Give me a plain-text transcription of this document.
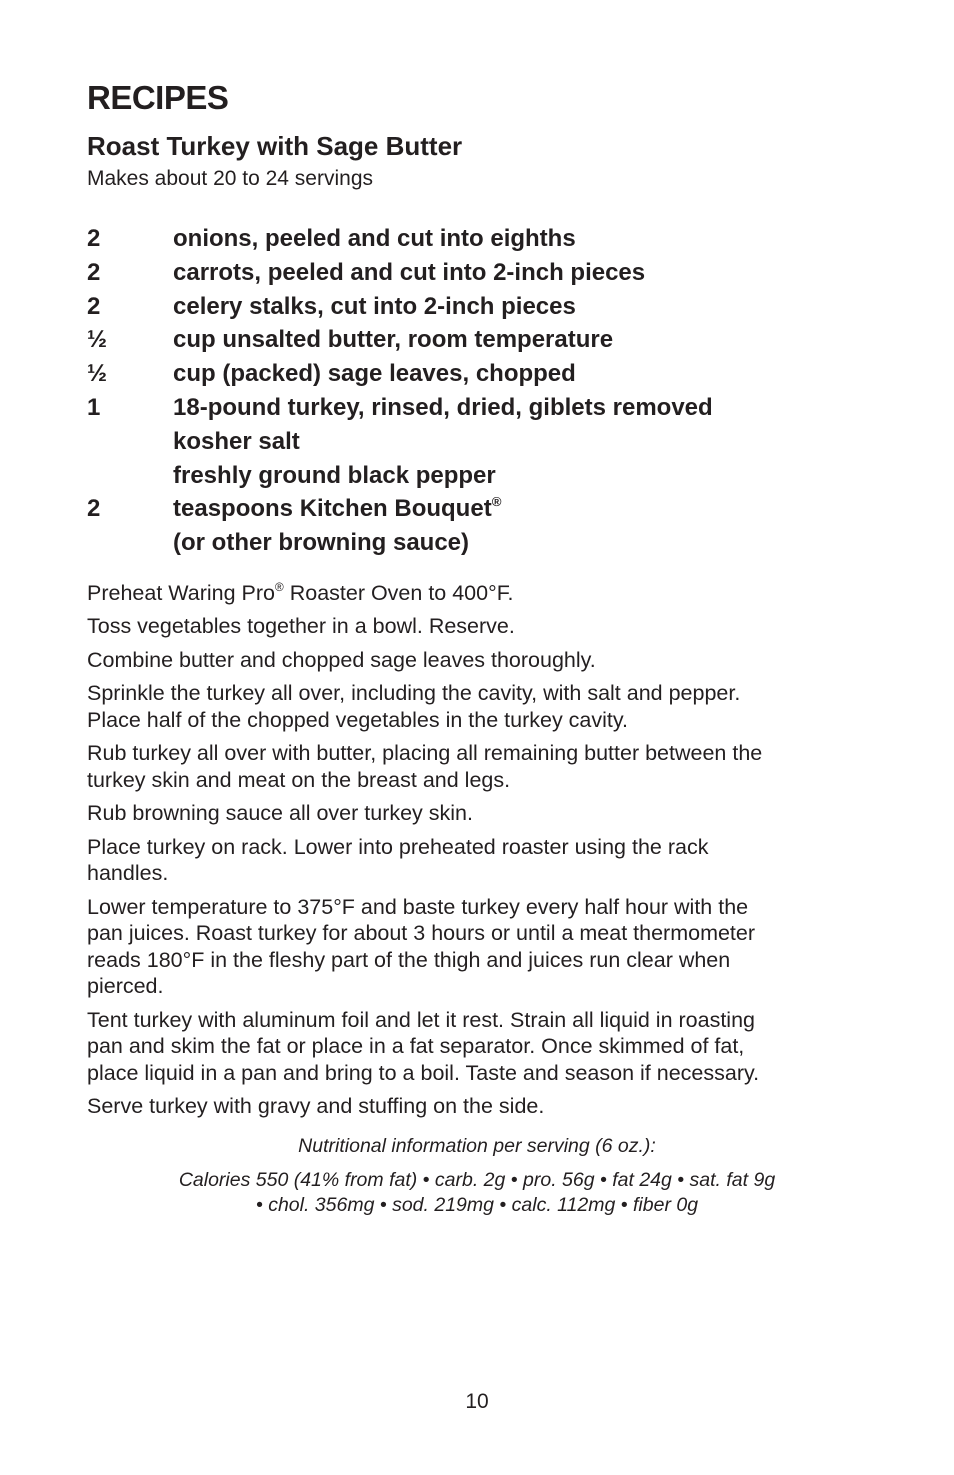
RECIPES
Roast Turkey with Sage Butter

Makes about 20 to 24 servings

2	onions, peeled and cut into eighths
2	carrots, peeled and cut into 2-inch pieces
2	celery stalks, cut into 2-inch pieces
½	cup unsalted butter, room temperature
½	cup (packed) sage leaves, chopped
1	18-pound turkey, rinsed, dried, giblets removed
kosher salt
freshly ground black pepper
2	teaspoons Kitchen Bouquet®
(or other browning sauce)

Preheat Waring Pro® Roaster Oven to 400°F.

Toss vegetables together in a bowl. Reserve.

Combine butter and chopped sage leaves thoroughly.

Sprinkle the turkey all over, including the cavity, with salt and pepper.
Place half of the chopped vegetables in the turkey cavity.

Rub turkey all over with butter, placing all remaining butter between the
turkey skin and meat on the breast and legs.

Rub browning sauce all over turkey skin.

Place turkey on rack. Lower into preheated roaster using the rack
handles.

Lower temperature to 375°F and baste turkey every half hour with the
pan juices. Roast turkey for about 3 hours or until a meat thermometer
reads 180°F in the fleshy part of the thigh and juices run clear when
pierced.

Tent turkey with aluminum foil and let it rest. Strain all liquid in roasting
pan and skim the fat or place in a fat separator. Once skimmed of fat,
place liquid in a pan and bring to a boil. Taste and season if necessary.

Serve turkey with gravy and stuffing on the side.

Nutritional information per serving (6 oz.):

Calories 550 (41% from fat) • carb. 2g • pro. 56g • fat 24g • sat. fat 9g
• chol. 356mg • sod. 219mg • calc. 112mg • fiber 0g

10
